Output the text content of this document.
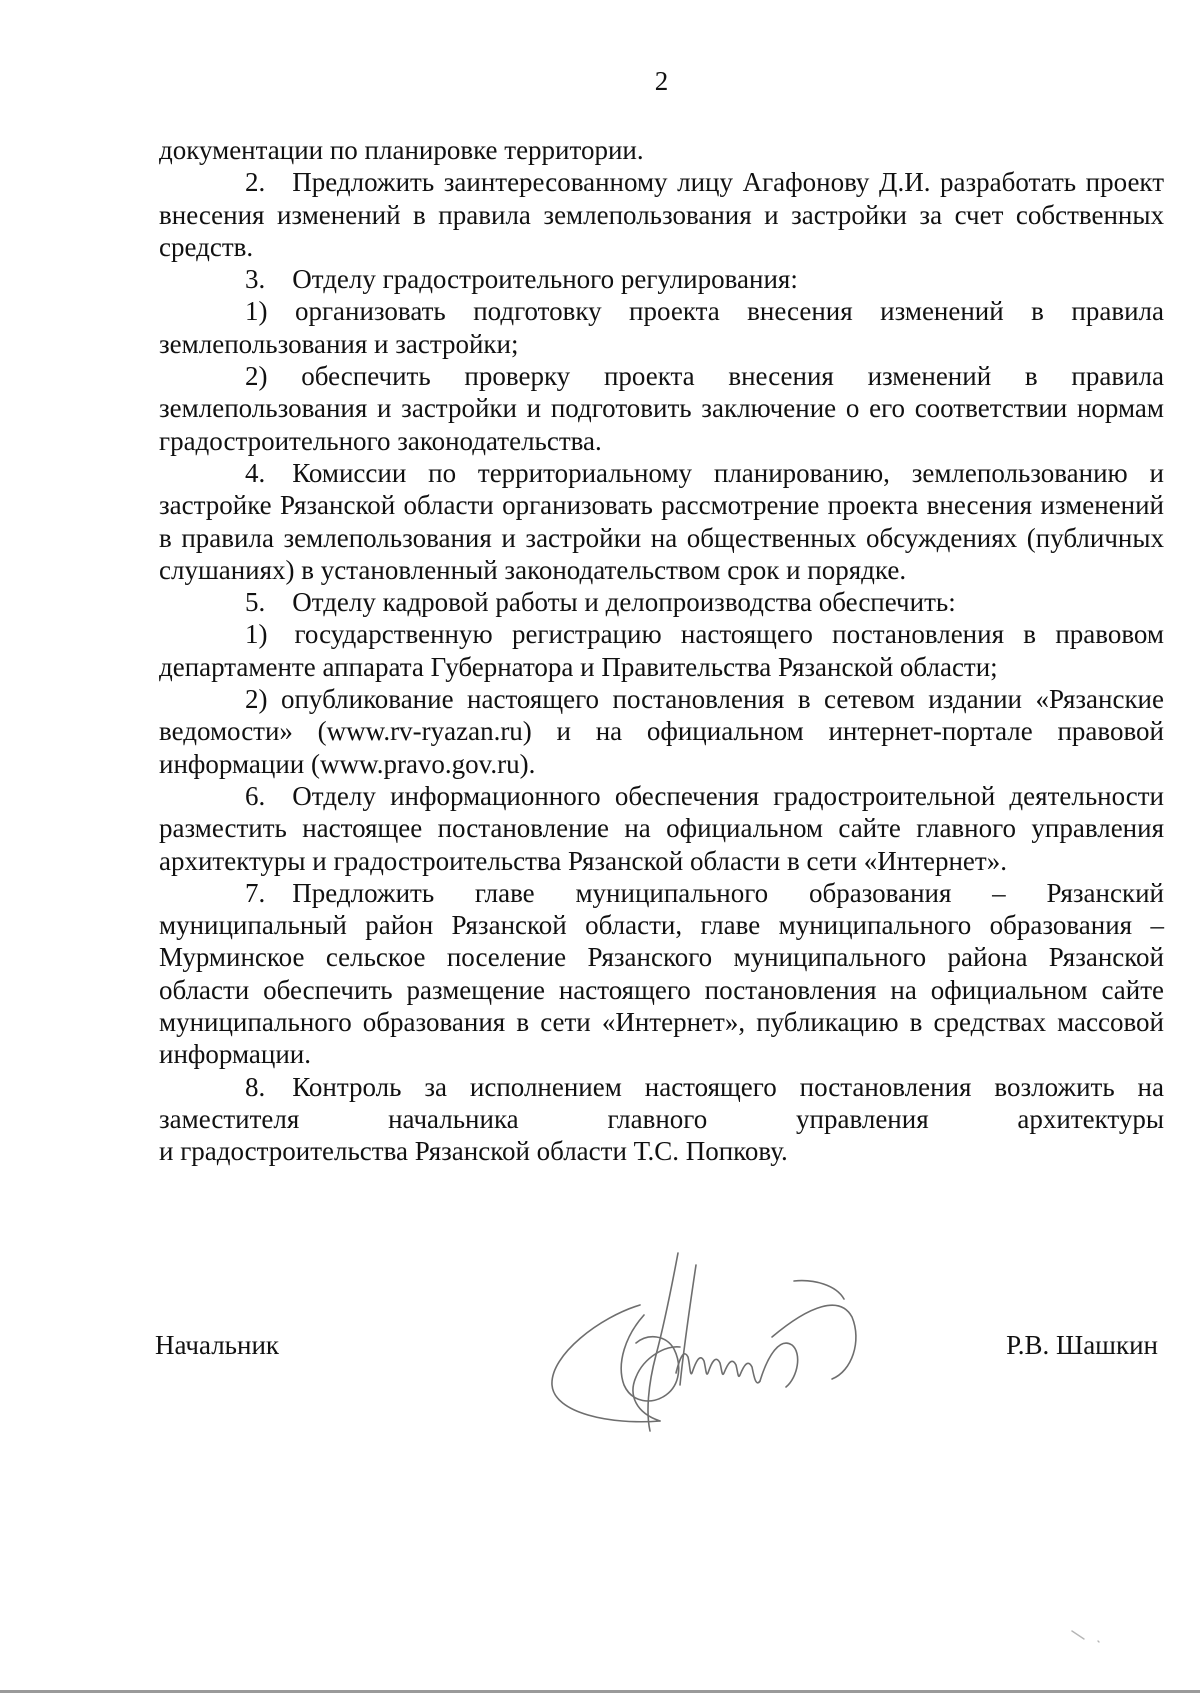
2

документации по планировке территории.

2. Предложить заинтересованному лицу Агафонову Д.И. разработать проект внесения изменений в правила землепользования и застройки за счет собственных средств.

3. Отделу градостроительного регулирования:

1) организовать подготовку проекта внесения изменений в правила землепользования и застройки;

2) обеспечить проверку проекта внесения изменений в правила землепользования и застройки и подготовить заключение о его соответствии нормам градостроительного законодательства.

4. Комиссии по территориальному планированию, землепользованию и застройке Рязанской области организовать рассмотрение проекта внесения изменений в правила землепользования и застройки на общественных обсуждениях (публичных слушаниях) в установленный законодательством срок и порядке.

5. Отделу кадровой работы и делопроизводства обеспечить:

1) государственную регистрацию настоящего постановления в правовом департаменте аппарата Губернатора и Правительства Рязанской области;

2) опубликование настоящего постановления в сетевом издании «Рязанские ведомости» (www.rv-ryazan.ru) и на официальном интернет-портале правовой информации (www.pravo.gov.ru).

6. Отделу информационного обеспечения градостроительной деятельности разместить настоящее постановление на официальном сайте главного управления архитектуры и градостроительства Рязанской области в сети «Интернет».

7. Предложить главе муниципального образования – Рязанский муниципальный район Рязанской области, главе муниципального образования – Мурминское сельское поселение Рязанского муниципального района Рязанской области обеспечить размещение настоящего постановления на официальном сайте муниципального образования в сети «Интернет», публикацию в средствах массовой информации.

8. Контроль за исполнением настоящего постановления возложить на заместителя начальника главного управления архитектуры

и градостроительства Рязанской области Т.С. Попкову.

Начальник	Р.В. Шашкин
